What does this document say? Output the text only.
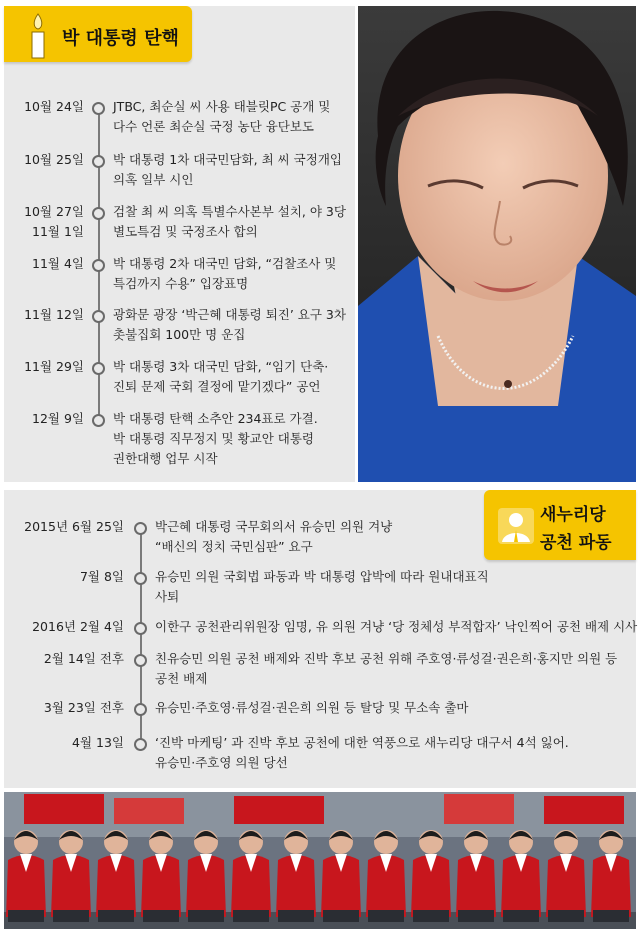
박 대통령 탄핵
10월 24일 JTBC, 최순실 씨 사용 태블릿PC 공개 및
다수 언론 최순실 국정 농단 융단보도
10월 25일 박 대통령 1차 대국민담화, 최 씨 국정개입
의혹 일부 시인
10월 27일
11월 1일
검찰 최 씨 의혹 특별수사본부 설치, 야 3당
별도특검 및 국정조사 합의
11월 4일 박 대통령 2차 대국민 담화, “검찰조사 및
특검까지 수용” 입장표명
11월 12일 광화문 광장 ‘박근혜 대통령 퇴진’ 요구 3차
촛불집회 100만 명 운집
11월 29일 박 대통령 3차 대국민 담화, “임기 단축·
진퇴 문제 국회 결정에 맡기겠다” 공언
12월 9일 박 대통령 탄핵 소추안 234표로 가결.
박 대통령 직무정지 및 황교안 대통령
권한대행 업무 시작
새누리당
공천 파동
2015년 6월 25일 박근혜 대통령 국무회의서 유승민 의원 겨냥
“배신의 정치 국민심판” 요구
7월 8일 유승민 의원 국회법 파동과 박 대통령 압박에 따라 원내대표직
사퇴
2016년 2월 4일 이한구 공천관리위원장 임명, 유 의원 겨냥 ‘당 정체성 부적합자’ 낙인찍어 공천 배제 시사
2월 14일 전후 친유승민 의원 공천 배제와 진박 후보 공천 위해 주호영·류성걸·권은희·홍지만 의원 등
공천 배제
3월 23일 전후 유승민·주호영·류성걸·권은희 의원 등 탈당 및 무소속 출마
4월 13일 ‘진박 마케팅’ 과 진박 후보 공천에 대한 역풍으로 새누리당 대구서 4석 잃어.
유승민·주호영 의원 당선
